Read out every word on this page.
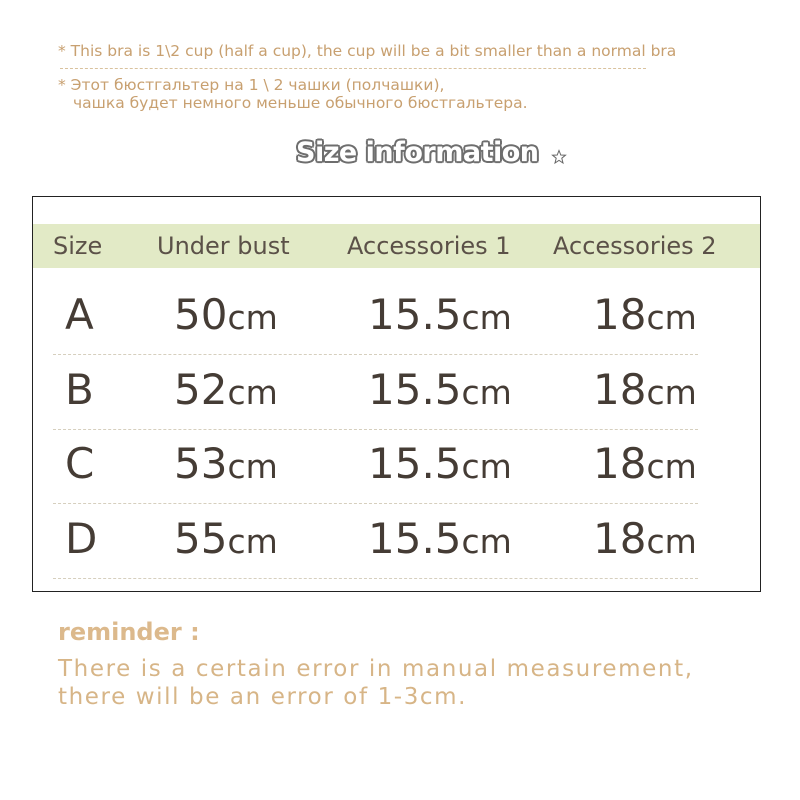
* This bra is 1\2 cup (half a cup), the cup will be a bit smaller than a normal bra
* Этот бюстгальтер на 1 \ 2 чашки (полчашки),
чашка будет немного меньше обычного бюстгальтера.
Size information
Size Under bust Accessories 1 Accessories 2
A 50cm 15.5cm 18cm
B 52cm 15.5cm 18cm
C 53cm 15.5cm 18cm
D 55cm 15.5cm 18cm
reminder :
There is a certain error in manual measurement,
there will be an error of 1-3cm.
